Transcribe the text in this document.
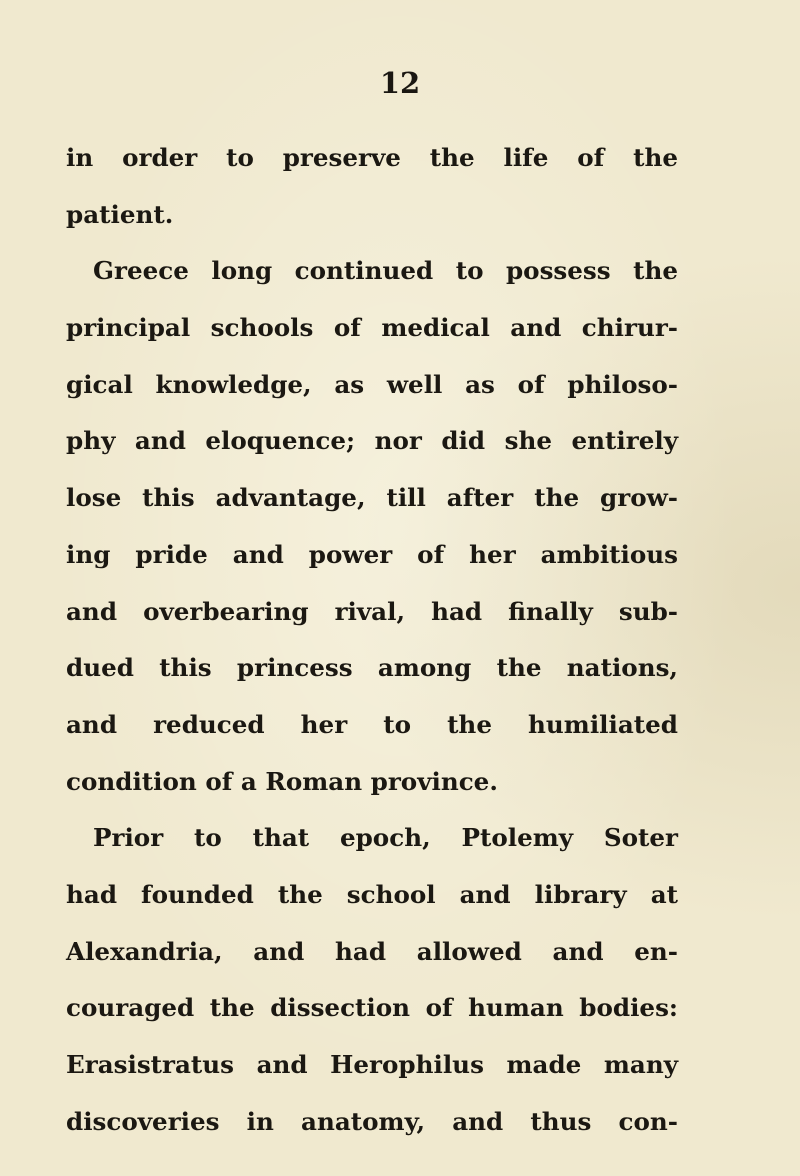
12

in order to preserve the life of the

patient.

Greece long continued to possess the

principal schools of medical and chirur-

gical knowledge, as well as of philoso-

phy and eloquence; nor did she entirely

lose this advantage, till after the grow-

ing pride and power of her ambitious

and overbearing rival, had finally sub-

dued this princess among the nations,

and reduced her to the humiliated

condition of a Roman province.

Prior to that epoch, Ptolemy Soter

had founded the school and library at

Alexandria, and had allowed and en-

couraged the dissection of human bodies:

Erasistratus and Herophilus made many

discoveries in anatomy, and thus con-
